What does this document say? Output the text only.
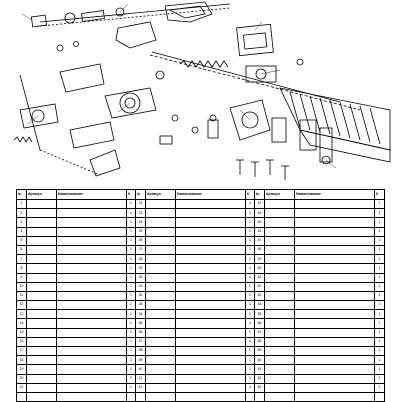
№	Артикул	Наименование	К	№	Артикул	Наименование	К	№	Артикул	Наименование	К
1			1	22			1	43			1
2			1	23			1	44			1
3			1	24			1	45			1
4			1	25			1	46			1
5			1	26			1	47			1
6			1	27			1	48			1
7			1	28			1	49			1
8			1	29			1	50			1
9			1	30			1	51			1
10			1	31			1	52			1
11			1	32			1	53			1
12			1	33			1	54			1
13			1	34			1	55			1
14			1	35			1	56			1
15			1	36			1	57			1
16			1	37			1	58			1
17			1	38			1	59			1
18			1	39			1	60			1
19			1	40			1	61			1
20			1	41			1	62			1
21			1	42			1	63			1
